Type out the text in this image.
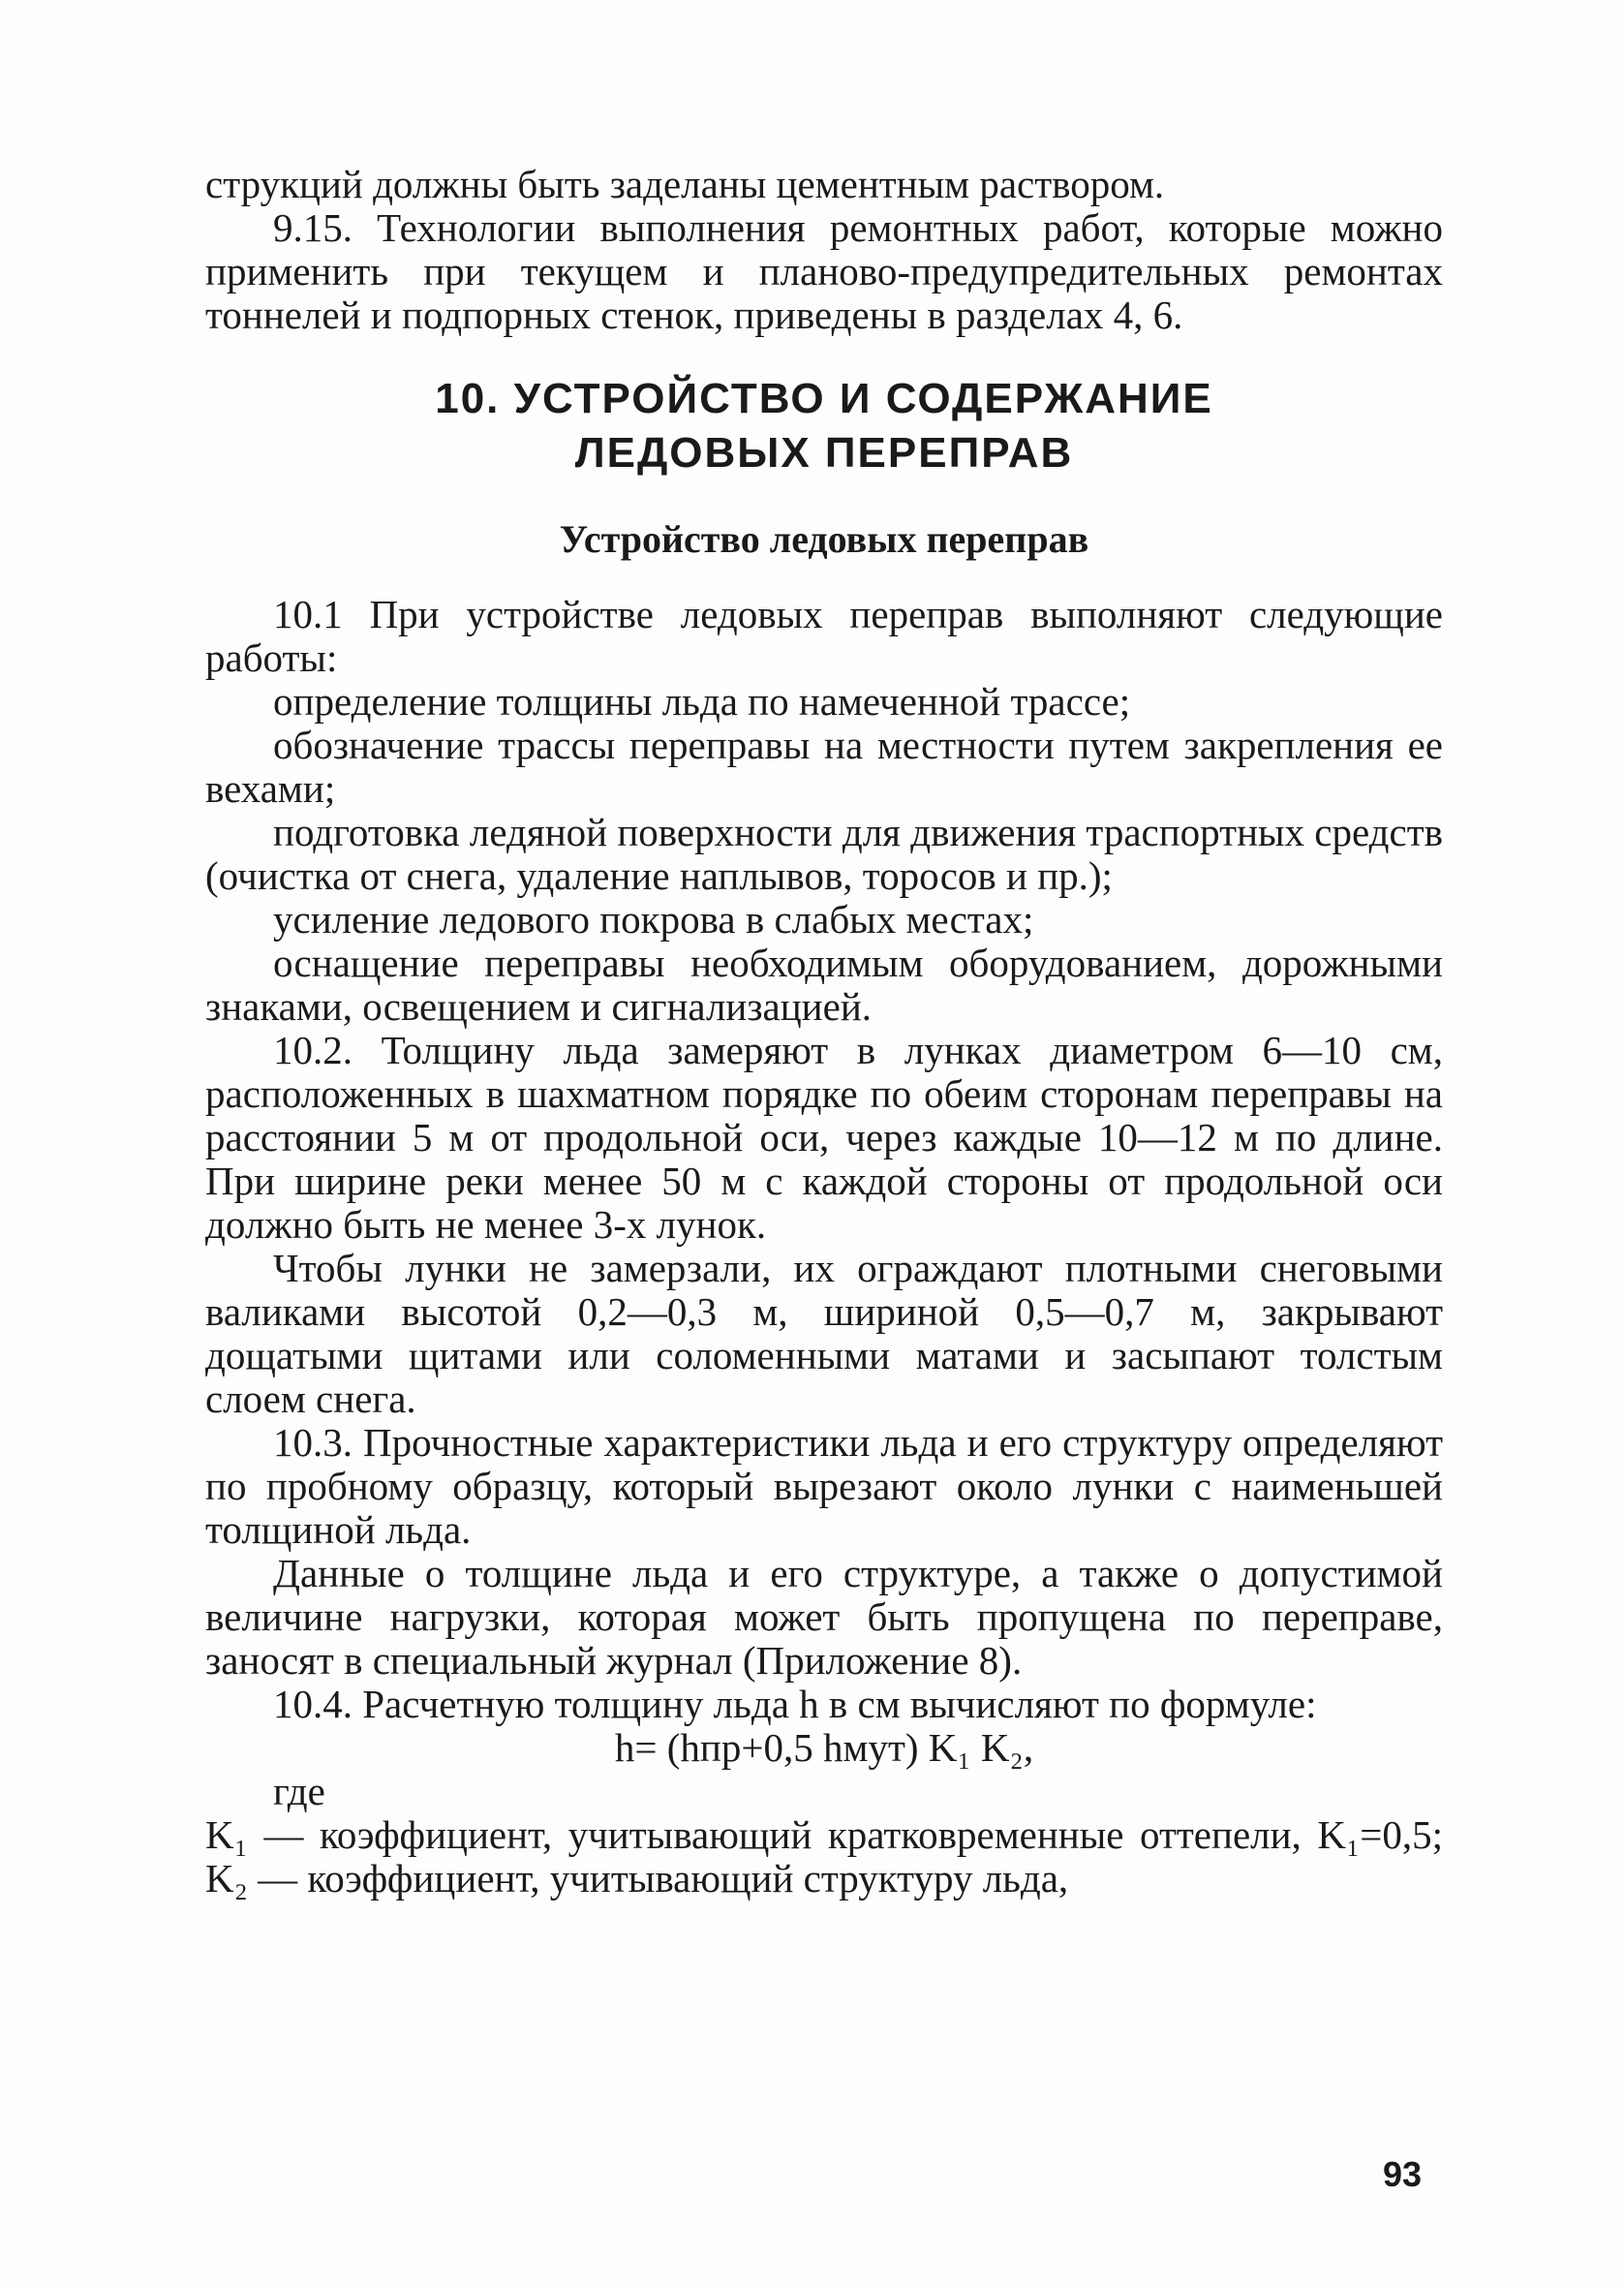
струкций должны быть заделаны цементным раствором.

9.15. Технологии выполнения ремонтных работ, которые можно применить при текущем и планово-предупредительных ремонтах тоннелей и подпорных стенок, приведены в разделах 4, 6.

10. УСТРОЙСТВО И СОДЕРЖАНИЕ
ЛЕДОВЫХ ПЕРЕПРАВ
Устройство ледовых переправ

10.1 При устройстве ледовых переправ выполняют следующие работы:

определение толщины льда по намеченной трассе;

обозначение трассы переправы на местности путем закрепления ее вехами;

подготовка ледяной поверхности для движения траспортных средств (очистка от снега, удаление наплывов, торосов и пр.);

усиление ледового покрова в слабых местах;

оснащение переправы необходимым оборудованием, дорожными знаками, освещением и сигнализацией.

10.2. Толщину льда замеряют в лунках диаметром 6—10 см, расположенных в шахматном порядке по обеим сторонам переправы на расстоянии 5 м от продольной оси, через каждые 10—12 м по длине. При ширине реки менее 50 м с каждой стороны от продольной оси должно быть не менее 3-х лунок.

Чтобы лунки не замерзали, их ограждают плотными снеговыми валиками высотой 0,2—0,3 м, шириной 0,5—0,7 м, закрывают дощатыми щитами или соломенными матами и засыпают толстым слоем снега.

10.3. Прочностные характеристики льда и его структуру определяют по пробному образцу, который вырезают около лунки с наименьшей толщиной льда.

Данные о толщине льда и его структуре, а также о допустимой величине нагрузки, которая может быть пропущена по переправе, заносят в специальный журнал (Приложение 8).

10.4. Расчетную толщину льда h в см вычисляют по формуле:

h= (hпр+0,5 hмут) K₁ K₂,

где

K₁ — коэффициент, учитывающий кратковременные оттепели, K₁=0,5; K₂ — коэффициент, учитывающий структуру льда,

93
